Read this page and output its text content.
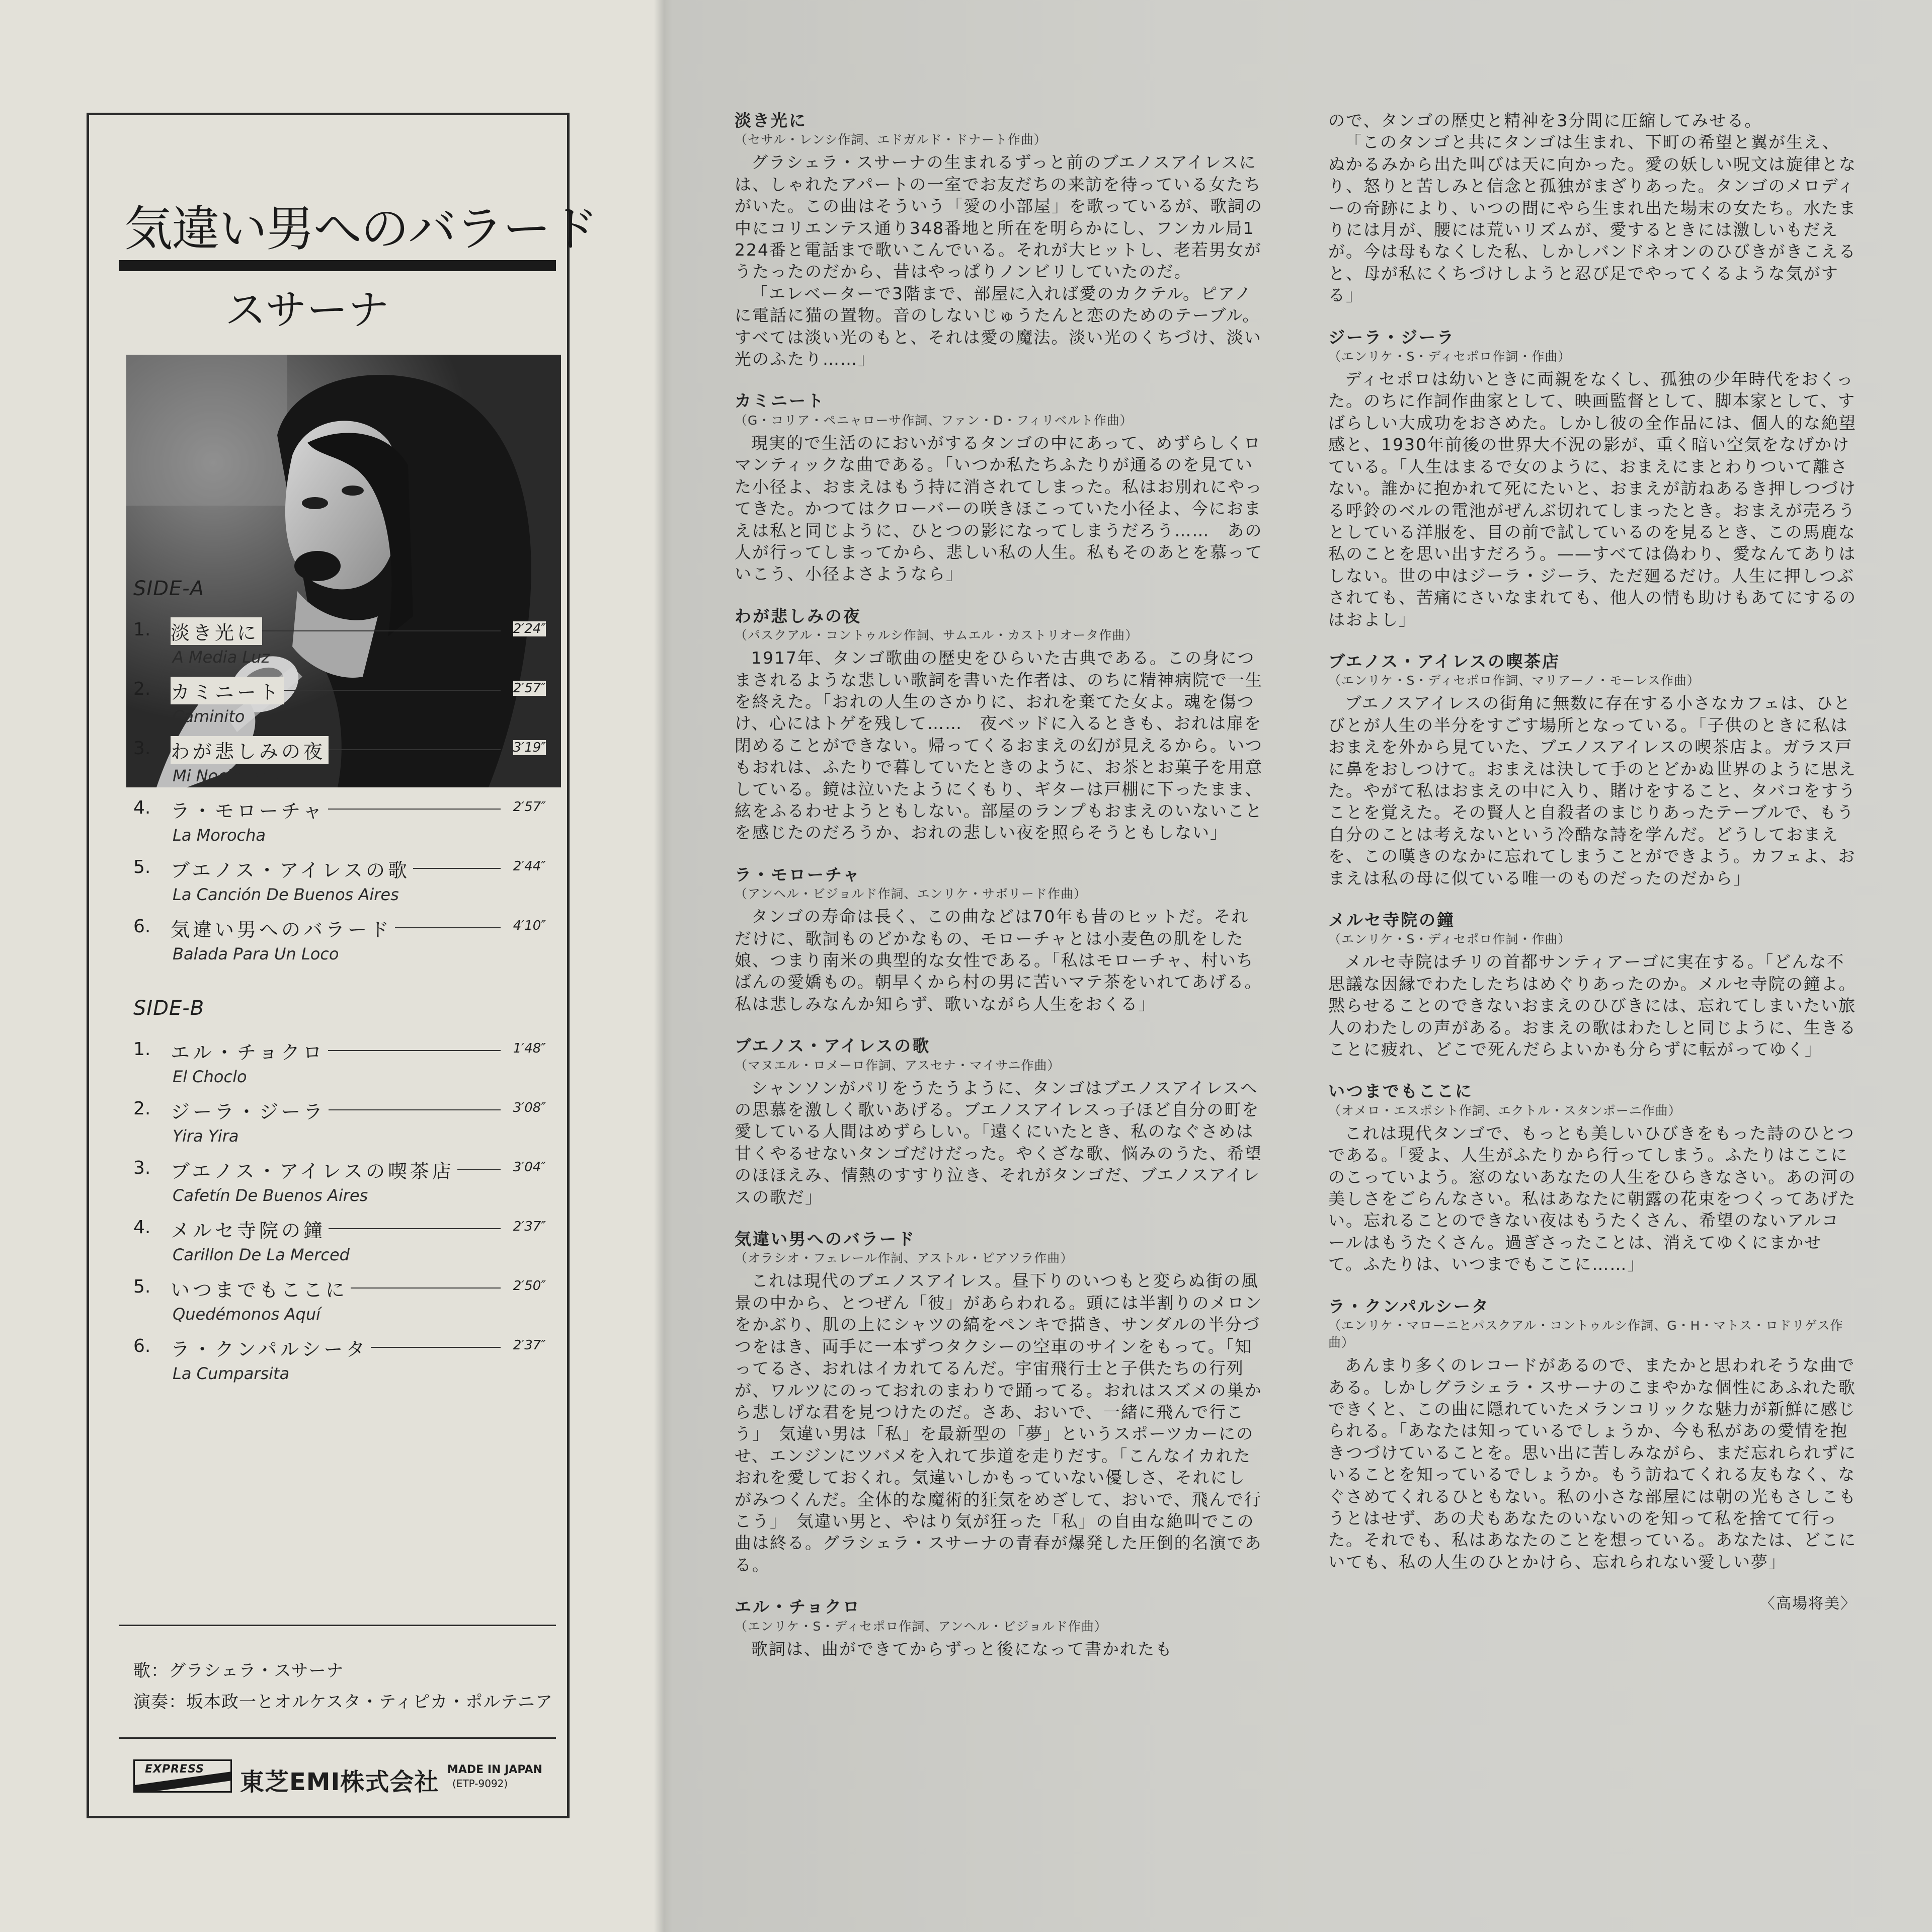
気違い男へのバラード
スサーナ
SIDE-A
1. 淡き光に	2′24″
A Media Luz
2. カミニート	2′57″
Caminito
3. わが悲しみの夜	3′19″
Mi Noche Triste
4. ラ・モローチャ	2′57″
La Morocha
5. ブエノス・アイレスの歌	2′44″
La Canción De Buenos Aires
6. 気違い男へのバラード	4′10″
Balada Para Un Loco
SIDE-B
1. エル・チョクロ	1′48″
El Choclo
2. ジーラ・ジーラ	3′08″
Yira Yira
3. ブエノス・アイレスの喫茶店	3′04″
Cafetín De Buenos Aires
4. メルセ寺院の鐘	2′37″
Carillon De La Merced
5. いつまでもここに	2′50″
Quedémonos Aquí
6. ラ・クンパルシータ	2′37″
La Cumparsita
歌：グラシェラ・スサーナ
演奏：坂本政一とオルケスタ・ティピカ・ポルテニア
EXPRESS 東芝EMI株式会社 MADE IN JAPAN
(ETP-9092)
淡き光に
（セサル・レンシ作詞、エドガルド・ドナート作曲）

グラシェラ・スサーナの生まれるずっと前のブエノスアイレスには、しゃれたアパートの一室でお友だちの来訪を待っている女たちがいた。この曲はそういう「愛の小部屋」を歌っているが、歌詞の中にコリエンテス通り348番地と所在を明らかにし、フンカル局1224番と電話まで歌いこんでいる。それが大ヒットし、老若男女がうたったのだから、昔はやっぱりノンビリしていたのだ。

「エレベーターで3階まで、部屋に入れば愛のカクテル。ピアノに電話に猫の置物。音のしないじゅうたんと恋のためのテーブル。すべては淡い光のもと、それは愛の魔法。淡い光のくちづけ、淡い光のふたり……」

カミニート
（G・コリア・ペニャローサ作詞、ファン・D・フィリベルト作曲）

現実的で生活のにおいがするタンゴの中にあって、めずらしくロマンティックな曲である。「いつか私たちふたりが通るのを見ていた小径よ、おまえはもう持に消されてしまった。私はお別れにやってきた。かつてはクローバーの咲きほこっていた小径よ、今におまえは私と同じように、ひとつの影になってしまうだろう……　あの人が行ってしまってから、悲しい私の人生。私もそのあとを慕っていこう、小径よさようなら」

わが悲しみの夜
（パスクアル・コントゥルシ作詞、サムエル・カストリオータ作曲）

1917年、タンゴ歌曲の歴史をひらいた古典である。この身につまされるような悲しい歌詞を書いた作者は、のちに精神病院で一生を終えた。「おれの人生のさかりに、おれを棄てた女よ。魂を傷つけ、心にはトゲを残して……　夜ベッドに入るときも、おれは扉を閉めることができない。帰ってくるおまえの幻が見えるから。いつもおれは、ふたりで暮していたときのように、お茶とお菓子を用意している。鏡は泣いたようにくもり、ギターは戸棚に下ったまま、絃をふるわせようともしない。部屋のランプもおまえのいないことを感じたのだろうか、おれの悲しい夜を照らそうともしない」

ラ・モローチャ
（アンヘル・ビジョルド作詞、エンリケ・サボリード作曲）

タンゴの寿命は長く、この曲などは70年も昔のヒットだ。それだけに、歌詞ものどかなもの、モローチャとは小麦色の肌をした娘、つまり南米の典型的な女性である。「私はモローチャ、村いちばんの愛嬌もの。朝早くから村の男に苦いマテ茶をいれてあげる。私は悲しみなんか知らず、歌いながら人生をおくる」

ブエノス・アイレスの歌
（マヌエル・ロメーロ作詞、アスセナ・マイサニ作曲）

シャンソンがパリをうたうように、タンゴはブエノスアイレスへの思慕を激しく歌いあげる。ブエノスアイレスっ子ほど自分の町を愛している人間はめずらしい。「遠くにいたとき、私のなぐさめは甘くやるせないタンゴだけだった。やくざな歌、悩みのうた、希望のほほえみ、情熱のすすり泣き、それがタンゴだ、ブエノスアイレスの歌だ」

気違い男へのバラード
（オラシオ・フェレール作詞、アストル・ピアソラ作曲）

これは現代のブエノスアイレス。昼下りのいつもと変らぬ街の風景の中から、とつぜん「彼」があらわれる。頭には半割りのメロンをかぶり、肌の上にシャツの縞をペンキで描き、サンダルの半分づつをはき、両手に一本ずつタクシーの空車のサインをもって。「知ってるさ、おれはイカれてるんだ。宇宙飛行士と子供たちの行列が、ワルツにのっておれのまわりで踊ってる。おれはスズメの巣から悲しげな君を見つけたのだ。さあ、おいで、一緒に飛んで行こう」　気違い男は「私」を最新型の「夢」というスポーツカーにのせ、エンジンにツバメを入れて歩道を走りだす。「こんなイカれたおれを愛しておくれ。気違いしかもっていない優しさ、それにしがみつくんだ。全体的な魔術的狂気をめざして、おいで、飛んで行こう」　気違い男と、やはり気が狂った「私」の自由な絶叫でこの曲は終る。グラシェラ・スサーナの青春が爆発した圧倒的名演である。

エル・チョクロ
（エンリケ・S・ディセポロ作詞、アンヘル・ビジョルド作曲）

歌詞は、曲ができてからずっと後になって書かれたも

ので、タンゴの歴史と精神を3分間に圧縮してみせる。

「このタンゴと共にタンゴは生まれ、下町の希望と翼が生え、ぬかるみから出た叫びは天に向かった。愛の妖しい呪文は旋律となり、怒りと苦しみと信念と孤独がまざりあった。タンゴのメロディーの奇跡により、いつの間にやら生まれ出た場末の女たち。水たまりには月が、腰には荒いリズムが、愛するときには激しいもだえが。今は母もなくした私、しかしバンドネオンのひびきがきこえると、母が私にくちづけしようと忍び足でやってくるような気がする」

ジーラ・ジーラ
（エンリケ・S・ディセポロ作詞・作曲）

ディセポロは幼いときに両親をなくし、孤独の少年時代をおくった。のちに作詞作曲家として、映画監督として、脚本家として、すばらしい大成功をおさめた。しかし彼の全作品には、個人的な絶望感と、1930年前後の世界大不況の影が、重く暗い空気をなげかけている。「人生はまるで女のように、おまえにまとわりついて離さない。誰かに抱かれて死にたいと、おまえが訪ねあるき押しつづける呼鈴のベルの電池がぜんぶ切れてしまったとき。おまえが売ろうとしている洋服を、目の前で試しているのを見るとき、この馬鹿な私のことを思い出すだろう。——すべては偽わり、愛なんてありはしない。世の中はジーラ・ジーラ、ただ廻るだけ。人生に押しつぶされても、苦痛にさいなまれても、他人の情も助けもあてにするのはおよし」

ブエノス・アイレスの喫茶店
（エンリケ・S・ディセポロ作詞、マリアーノ・モーレス作曲）

ブエノスアイレスの街角に無数に存在する小さなカフェは、ひとびとが人生の半分をすごす場所となっている。「子供のときに私はおまえを外から見ていた、ブエノスアイレスの喫茶店よ。ガラス戸に鼻をおしつけて。おまえは決して手のとどかぬ世界のように思えた。やがて私はおまえの中に入り、賭けをすること、タバコをすうことを覚えた。その賢人と自殺者のまじりあったテーブルで、もう自分のことは考えないという冷酷な詩を学んだ。どうしておまえを、この嘆きのなかに忘れてしまうことができよう。カフェよ、おまえは私の母に似ている唯一のものだったのだから」

メルセ寺院の鐘
（エンリケ・S・ディセポロ作詞・作曲）

メルセ寺院はチリの首都サンティアーゴに実在する。「どんな不思議な因縁でわたしたちはめぐりあったのか。メルセ寺院の鐘よ。黙らせることのできないおまえのひびきには、忘れてしまいたい旅人のわたしの声がある。おまえの歌はわたしと同じように、生きることに疲れ、どこで死んだらよいかも分らずに転がってゆく」

いつまでもここに
（オメロ・エスポシト作詞、エクトル・スタンポーニ作曲）

これは現代タンゴで、もっとも美しいひびきをもった詩のひとつである。「愛よ、人生がふたりから行ってしまう。ふたりはここにのこっていよう。窓のないあなたの人生をひらきなさい。あの河の美しさをごらんなさい。私はあなたに朝露の花束をつくってあげたい。忘れることのできない夜はもうたくさん、希望のないアルコールはもうたくさん。過ぎさったことは、消えてゆくにまかせて。ふたりは、いつまでもここに……」

ラ・クンパルシータ
（エンリケ・マローニとパスクアル・コントゥルシ作詞、G・H・マトス・ロドリゲス作曲）

あんまり多くのレコードがあるので、またかと思われそうな曲である。しかしグラシェラ・スサーナのこまやかな個性にあふれた歌できくと、この曲に隠れていたメランコリックな魅力が新鮮に感じられる。「あなたは知っているでしょうか、今も私があの愛情を抱きつづけていることを。思い出に苦しみながら、まだ忘れられずにいることを知っているでしょうか。もう訪ねてくれる友もなく、なぐさめてくれるひともない。私の小さな部屋には朝の光もさしこもうとはせず、あの犬もあなたのいないのを知って私を捨てて行った。それでも、私はあなたのことを想っている。あなたは、どこにいても、私の人生のひとかけら、忘れられない愛しい夢」

〈高場将美〉
